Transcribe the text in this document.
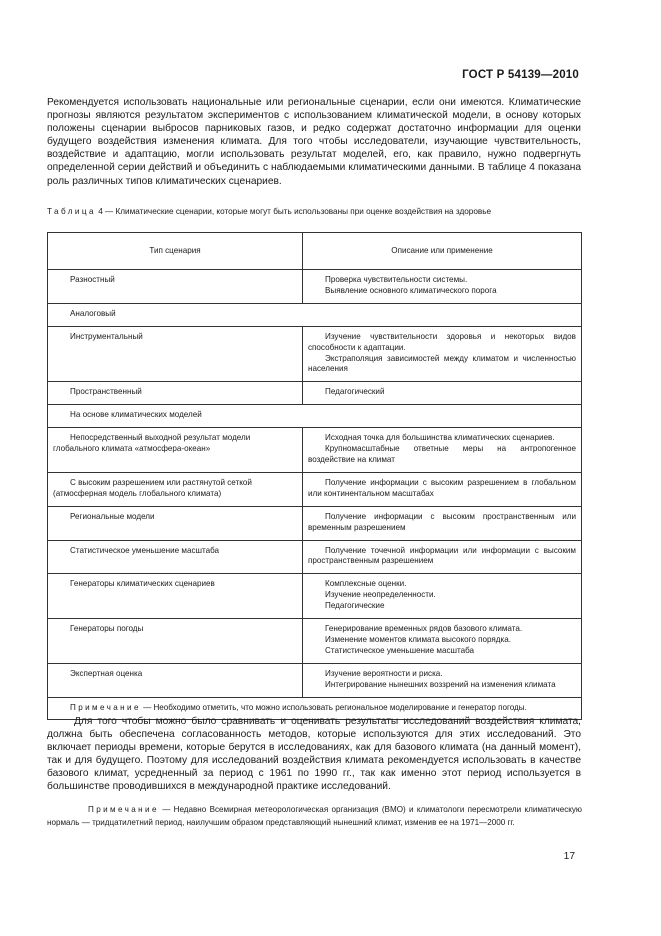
ГОСТ Р 54139—2010

Рекомендуется использовать национальные или региональные сценарии, если они имеются. Климатические прогнозы являются результатом экспериментов с использованием климатической модели, в основу которых положены сценарии выбросов парниковых газов, и редко содержат достаточно информации для оценки будущего воздействия изменения климата. Для того чтобы исследователи, изучающие чувствительность, воздействие и адаптацию, могли использовать результат моделей, его, как правило, нужно подвергнуть определенной серии действий и объединить с наблюдаемыми климатическими данными. В таблице 4 показана роль различных типов климатических сценариев.

Таблица 4 — Климатические сценарии, которые могут быть использованы при оценке воздействия на здоровье

Тип сценария	Описание или применение
Разностный	Проверка чувствительности системы.
Выявление основного климатического порога

Аналоговый	
Инструментальный	Изучение чувствительности здоровья и некоторых видов способности к адаптации.
Экстраполяция зависимостей между климатом и численностью населения

Пространственный	Педагогический

На основе климатических моделей	
Непосредственный выходной результат модели глобального климата «атмосфера-океан»	Исходная точка для большинства климатических сценариев.
Крупномасштабные ответные меры на антропогенное воздействие на климат

С высоким разрешением или растянутой сеткой (атмосферная модель глобального климата)	Получение информации с высоким разрешением в глобальном или континентальном масштабах

Региональные модели	Получение информации с высоким пространственным или временным разрешением

Статистическое уменьшение масштаба	Получение точечной информации или информации с высоким пространственным разрешением

Генераторы климатических сценариев	Комплексные оценки.
Изучение неопределенности.
Педагогические

Генераторы погоды	Генерирование временных рядов базового климата.
Изменение моментов климата высокого порядка.
Статистическое уменьшение масштаба

Экспертная оценка	Изучение вероятности и риска.
Интегрирование нынешних воззрений на изменения климата

Примечание — Необходимо отметить, что можно использовать региональное моделирование и генератор погоды.	

Для того чтобы можно было сравнивать и оценивать результаты исследований воздействия климата, должна быть обеспечена согласованность методов, которые используются для этих исследований. Это включает периоды времени, которые берутся в исследованиях, как для базового климата (на данный момент), так и для будущего. Поэтому для исследований воздействия климата рекомендуется использовать в качестве базового климат, усредненный за период с 1961 по 1990 гг., так как именно этот период используется в большинстве проводившихся в международной практике исследований.

Примечание — Недавно Всемирная метеорологическая организация (ВМО) и климатологи пересмотрели климатическую нормаль — тридцатилетний период, наилучшим образом представляющий нынешний климат, изменив ее на 1971—2000 гг.

17
